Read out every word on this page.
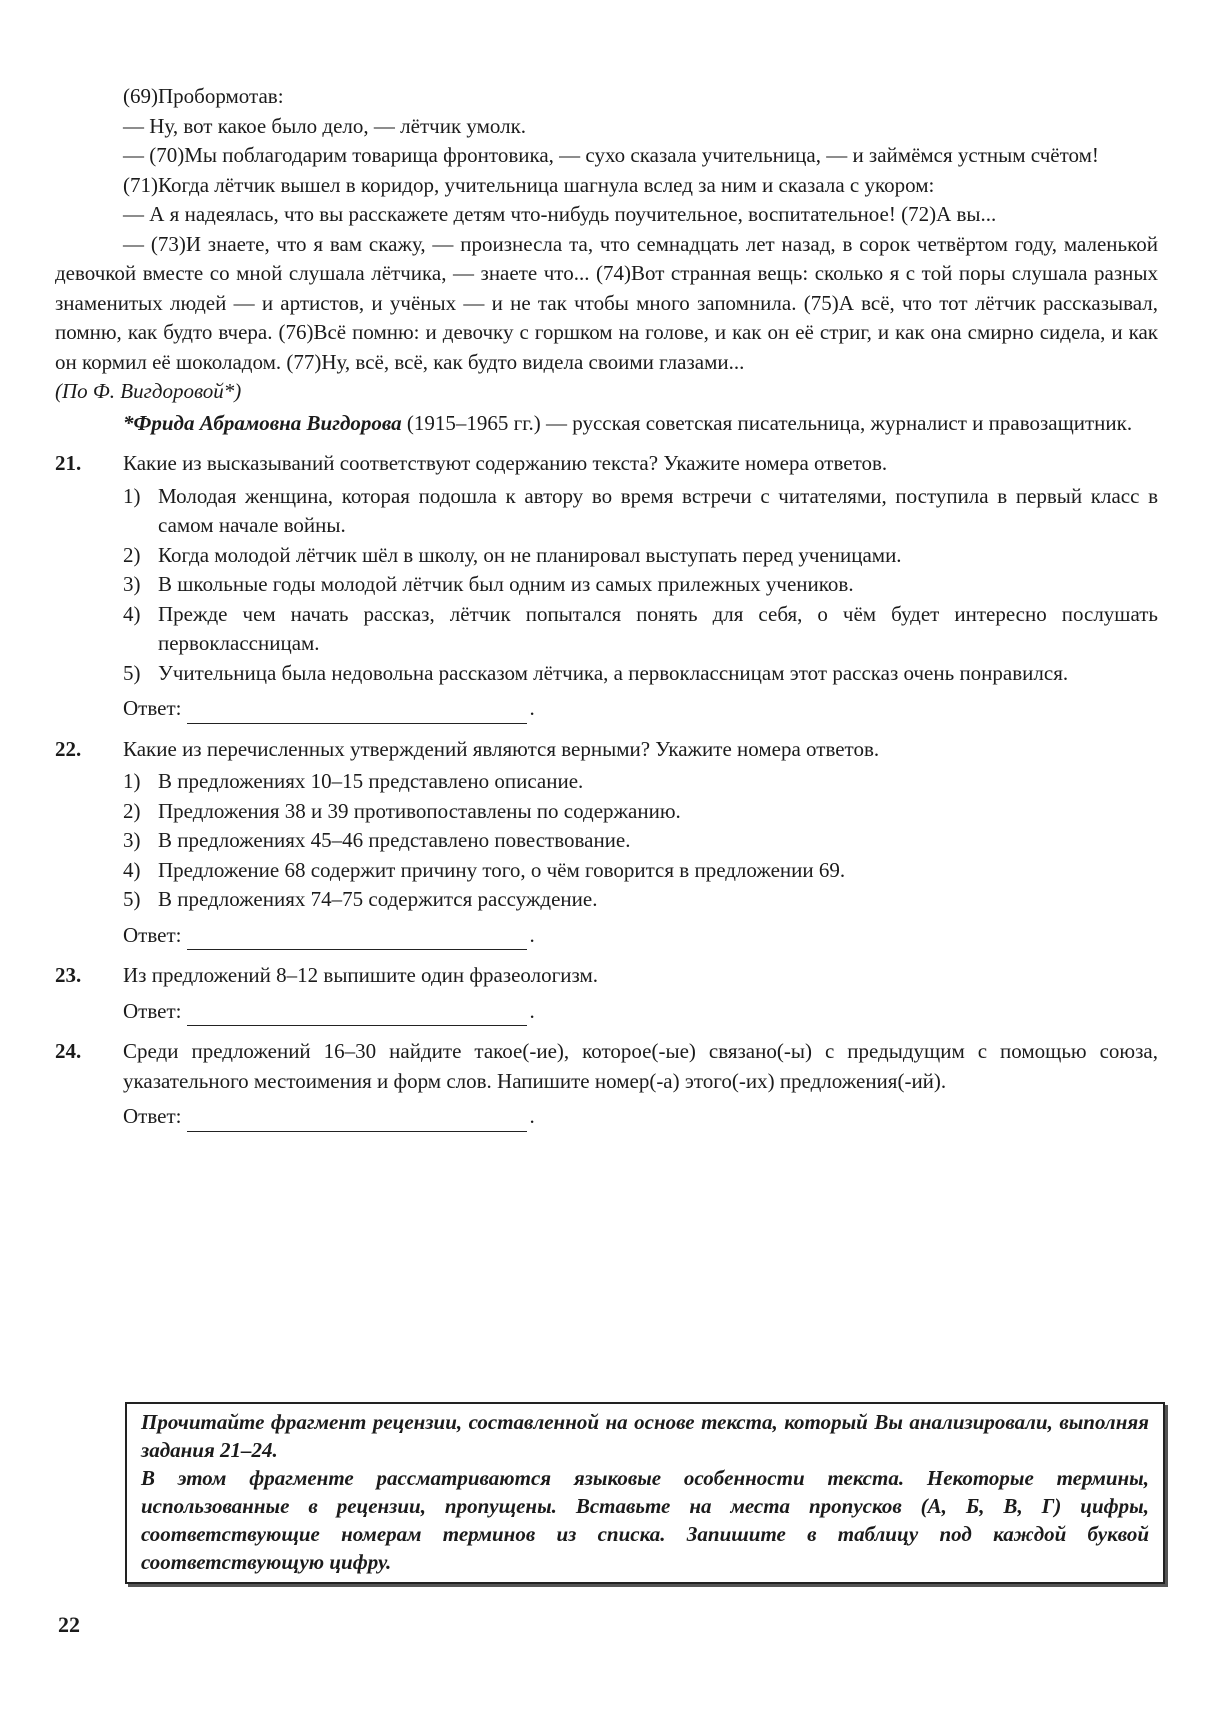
(69)Пробормотав:

— Ну, вот какое было дело, — лётчик умолк.

— (70)Мы поблагодарим товарища фронтовика, — сухо сказала учительница, — и займёмся устным счётом!

(71)Когда лётчик вышел в коридор, учительница шагнула вслед за ним и сказала с укором:

— А я надеялась, что вы расскажете детям что-нибудь поучительное, воспитательное! (72)А вы...

— (73)И знаете, что я вам скажу, — произнесла та, что семнадцать лет назад, в сорок четвёртом году, маленькой девочкой вместе со мной слушала лётчика, — знаете что... (74)Вот странная вещь: сколько я с той поры слушала разных знаменитых людей — и артистов, и учёных — и не так чтобы много запомнила. (75)А всё, что тот лётчик рассказывал, помню, как будто вчера. (76)Всё помню: и девочку с горшком на голове, и как он её стриг, и как она смирно сидела, и как он кормил её шоколадом. (77)Ну, всё, всё, как будто видела своими глазами...

(По Ф. Вигдоровой*)

*Фрида Абрамовна Вигдорова (1915–1965 гг.) — русская советская писательница, журналист и правозащитник.

21. Какие из высказываний соответствуют содержанию текста? Укажите номера ответов.
1) Молодая женщина, которая подошла к автору во время встречи с читателями, поступила в первый класс в самом начале войны.
2) Когда молодой лётчик шёл в школу, он не планировал выступать перед ученицами.
3) В школьные годы молодой лётчик был одним из самых прилежных учеников.
4) Прежде чем начать рассказ, лётчик попытался понять для себя, о чём будет интересно послушать первоклассницам.
5) Учительница была недовольна рассказом лётчика, а первоклассницам этот рассказ очень понравился.
Ответ:	.
22. Какие из перечисленных утверждений являются верными? Укажите номера ответов.
1) В предложениях 10–15 представлено описание.
2) Предложения 38 и 39 противопоставлены по содержанию.
3) В предложениях 45–46 представлено повествование.
4) Предложение 68 содержит причину того, о чём говорится в предложении 69.
5) В предложениях 74–75 содержится рассуждение.
Ответ:	.
23. Из предложений 8–12 выпишите один фразеологизм.
Ответ:	.
24. Среди предложений 16–30 найдите такое(-ие), которое(-ые) связано(-ы) с предыдущим с помощью союза, указательного местоимения и форм слов. Напишите номер(-а) этого(-их) предложения(-ий).
Ответ:	.
Прочитайте фрагмент рецензии, составленной на основе текста, который Вы анализировали, выполняя задания 21–24.
В этом фрагменте рассматриваются языковые особенности текста. Некоторые термины, использованные в рецензии, пропущены. Вставьте на места пропусков (А, Б, В, Г) цифры, соответствующие номерам терминов из списка. Запишите в таблицу под каждой буквой соответствующую цифру.
22
